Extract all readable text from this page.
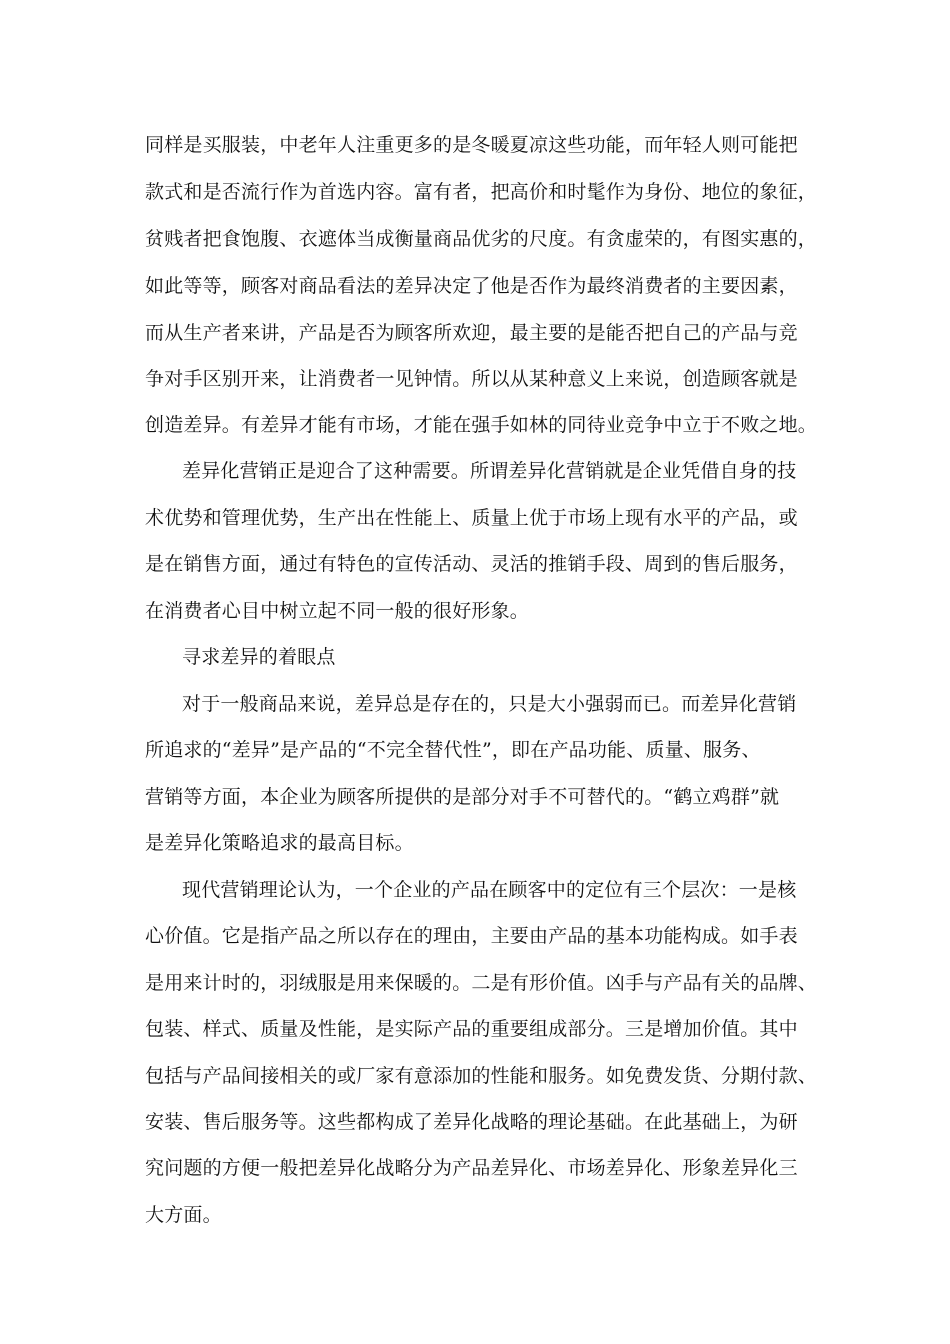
同样是买服装，中老年人注重更多的是冬暖夏凉这些功能，而年轻人则可能把
款式和是否流行作为首选内容。富有者，把高价和时髦作为身份、地位的象征，
贫贱者把食饱腹、衣遮体当成衡量商品优劣的尺度。有贪虚荣的，有图实惠的，
如此等等，顾客对商品看法的差异决定了他是否作为最终消费者的主要因素，
而从生产者来讲，产品是否为顾客所欢迎，最主要的是能否把自己的产品与竞
争对手区别开来，让消费者一见钟情。所以从某种意义上来说，创造顾客就是
创造差异。有差异才能有市场，才能在强手如林的同待业竞争中立于不败之地。
差异化营销正是迎合了这种需要。所谓差异化营销就是企业凭借自身的技
术优势和管理优势，生产出在性能上、质量上优于市场上现有水平的产品，或
是在销售方面，通过有特色的宣传活动、灵活的推销手段、周到的售后服务，
在消费者心目中树立起不同一般的很好形象。
寻求差异的着眼点
对于一般商品来说，差异总是存在的，只是大小强弱而已。而差异化营销
所追求的“差异”是产品的“不完全替代性”，即在产品功能、质量、服务、
营销等方面，本企业为顾客所提供的是部分对手不可替代的。“鹤立鸡群”就
是差异化策略追求的最高目标。
现代营销理论认为，一个企业的产品在顾客中的定位有三个层次：一是核
心价值。它是指产品之所以存在的理由，主要由产品的基本功能构成。如手表
是用来计时的，羽绒服是用来保暖的。二是有形价值。凶手与产品有关的品牌、
包装、样式、质量及性能，是实际产品的重要组成部分。三是增加价值。其中
包括与产品间接相关的或厂家有意添加的性能和服务。如免费发货、分期付款、
安装、售后服务等。这些都构成了差异化战略的理论基础。在此基础上，为研
究问题的方便一般把差异化战略分为产品差异化、市场差异化、形象差异化三
大方面。
